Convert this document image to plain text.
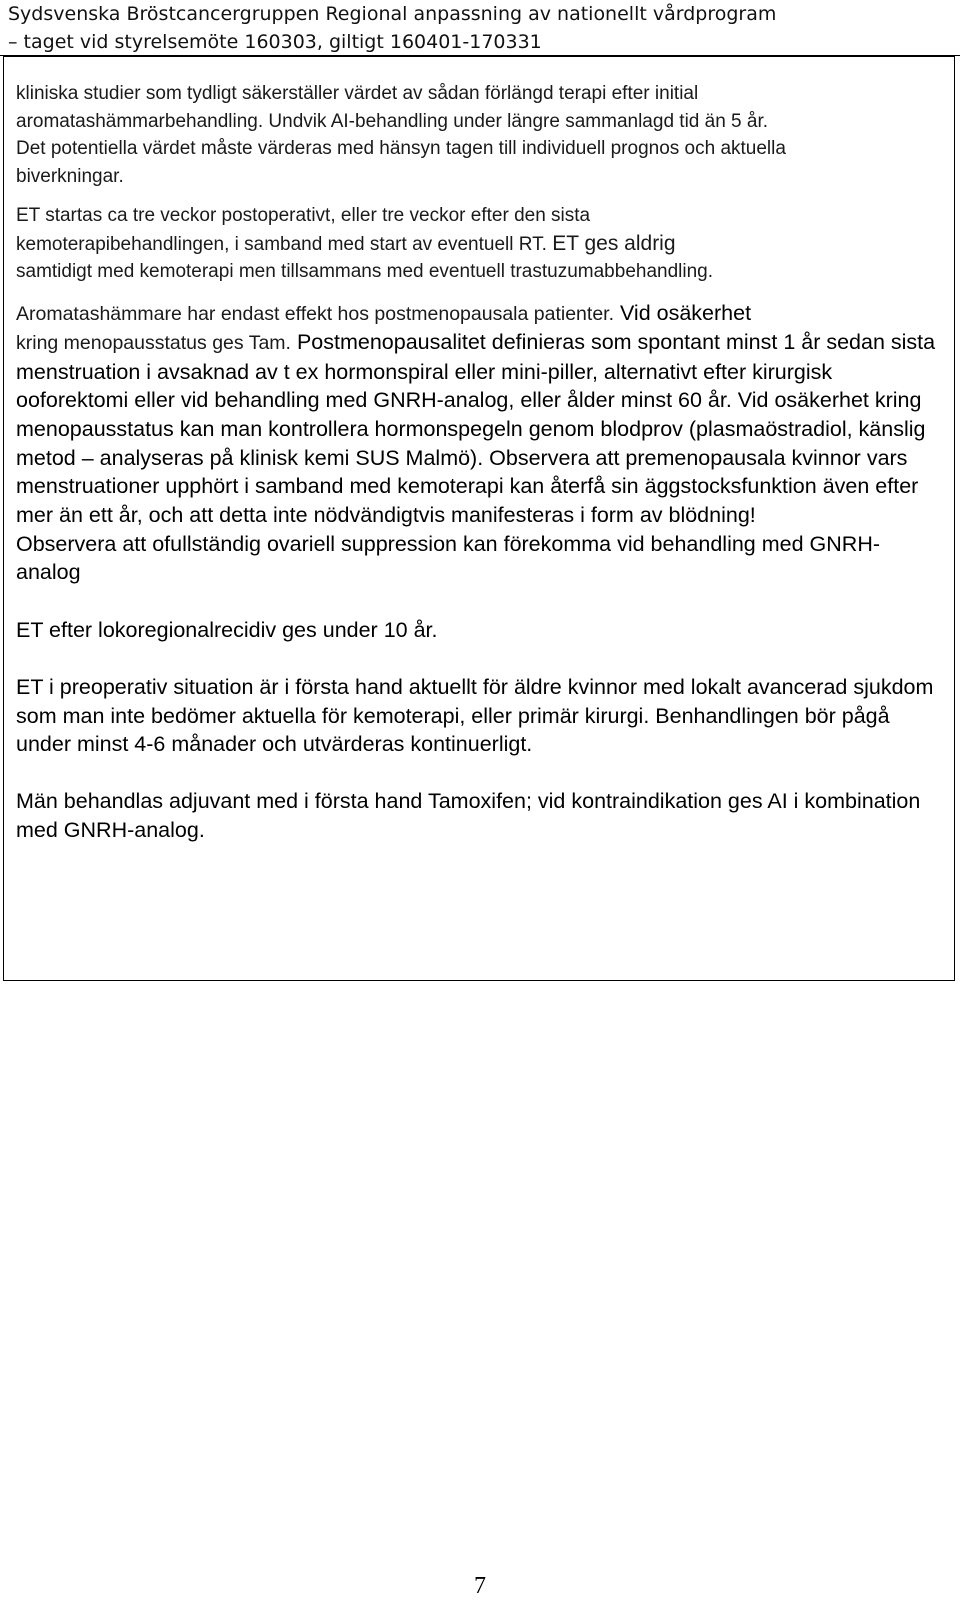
Sydsvenska Bröstcancergruppen Regional anpassning av nationellt vårdprogram
– taget vid styrelsemöte 160303, giltigt 160401-170331

kliniska studier som tydligt säkerställer värdet av sådan förlängd terapi efter initial
aromatashämmarbehandling. Undvik AI-behandling under längre sammanlagd tid än 5 år.
Det potentiella värdet måste värderas med hänsyn tagen till individuell prognos och aktuella
biverkningar.

ET startas ca tre veckor postoperativt, eller tre veckor efter den sista
kemoterapibehandlingen, i samband med start av eventuell RT. ET ges aldrig
samtidigt med kemoterapi men tillsammans med eventuell trastuzumabbehandling.

Aromatashämmare har endast effekt hos postmenopausala patienter. Vid osäkerhet
kring menopausstatus ges Tam. Postmenopausalitet definieras som spontant minst 1 år sedan sista menstruation i avsaknad av t ex hormonspiral eller mini-piller, alternativt efter kirurgisk ooforektomi eller vid behandling med GNRH-analog, eller ålder minst 60 år. Vid osäkerhet kring menopausstatus kan man kontrollera hormonspegeln genom blodprov (plasmaöstradiol, känslig metod – analyseras på klinisk kemi SUS Malmö). Observera att premenopausala kvinnor vars menstruationer upphört i samband med kemoterapi kan återfå sin äggstocksfunktion även efter mer än ett år, och att detta inte nödvändigtvis manifesteras i form av blödning!

Observera att ofullständig ovariell suppression kan förekomma vid behandling med GNRH-analog

ET efter lokoregionalrecidiv ges under 10 år.

ET i preoperativ situation är i första hand aktuellt för äldre kvinnor med lokalt avancerad sjukdom som man inte bedömer aktuella för kemoterapi, eller primär kirurgi. Benhandlingen bör pågå under minst 4-6 månader och utvärderas kontinuerligt.

Män behandlas adjuvant med i första hand Tamoxifen; vid kontraindikation ges AI i kombination med GNRH-analog.

7
